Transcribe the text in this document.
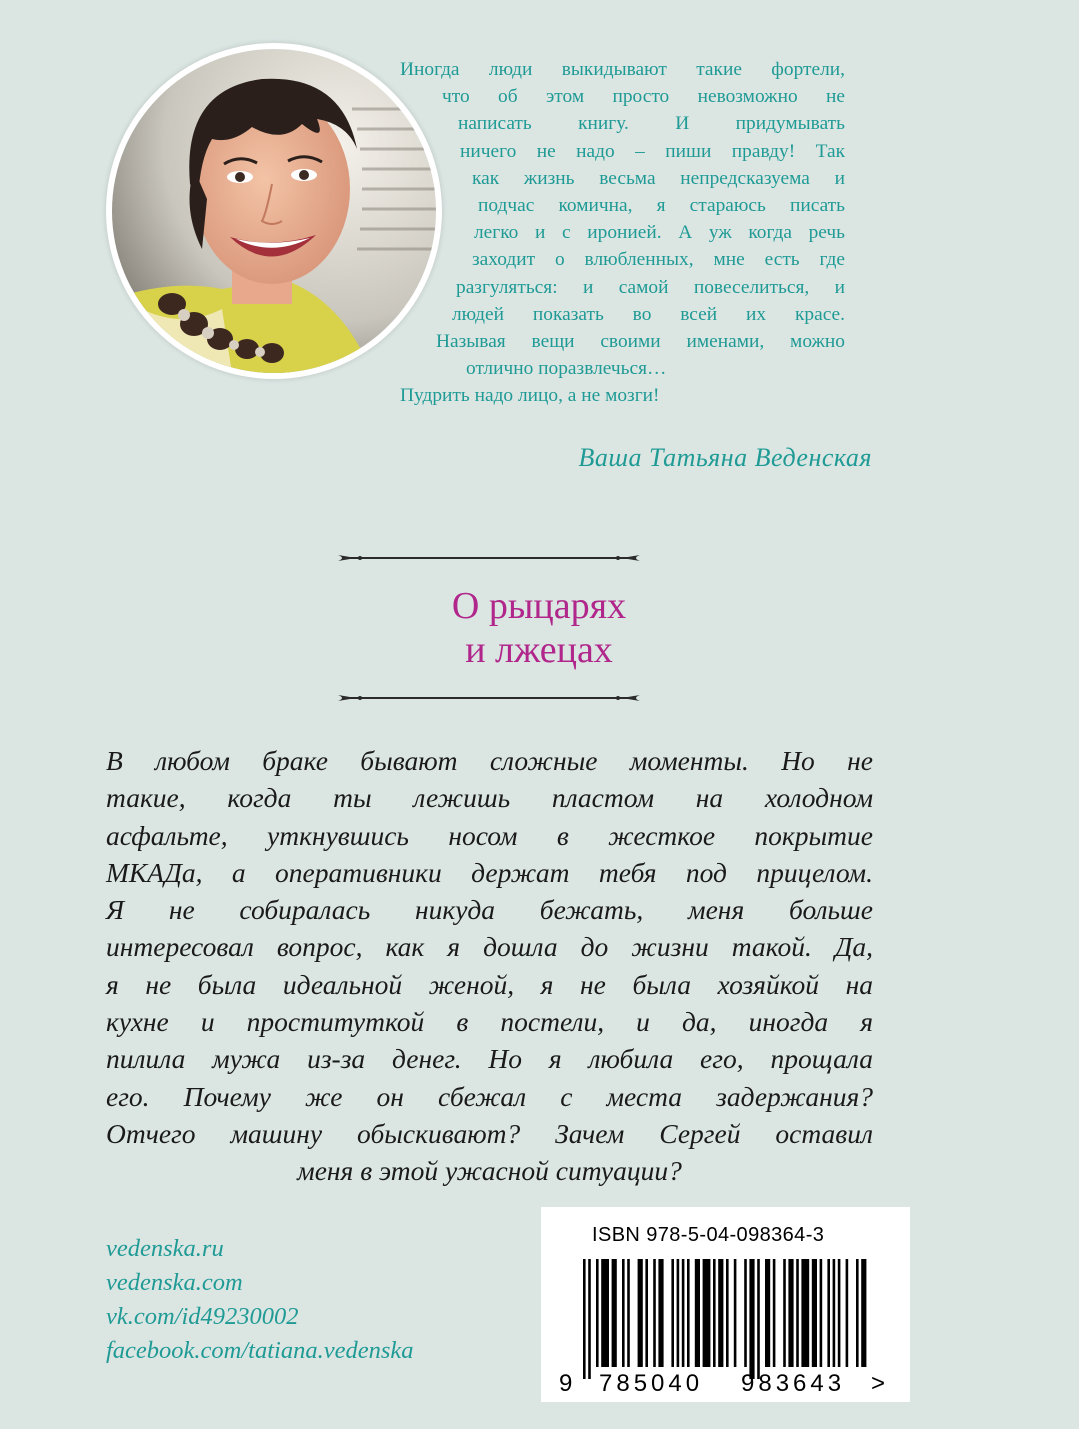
Иногда люди выкидывают такие фортели,
что об этом просто невозможно не
написать книгу. И придумывать
ничего не надо – пиши правду! Так
как жизнь весьма непредсказуема и
подчас комична, я стараюсь писать
легко и с иронией. А уж когда речь
заходит о влюбленных, мне есть где
разгуляться: и самой повеселиться, и
людей показать во всей их красе.
Называя вещи своими именами, можно
отлично поразвлечься…
Пудрить надо лицо, а не мозги!
Ваша Татьяна Веденская
О рыцарях
и лжецах
В любом браке бывают сложные моменты. Но не
такие, когда ты лежишь пластом на холодном
асфальте, уткнувшись носом в жесткое покрытие
МКАДа, а оперативники держат тебя под прицелом.
Я не собиралась никуда бежать, меня больше
интересовал вопрос, как я дошла до жизни такой. Да,
я не была идеальной женой, я не была хозяйкой на
кухне и проституткой в постели, и да, иногда я
пилила мужа из-за денег. Но я любила его, прощала
его. Почему же он сбежал с места задержания?
Отчего машину обыскивают? Зачем Сергей оставил
меня в этой ужасной ситуации?
vedenska.ru
vedenska.com
vk.com/id49230002
facebook.com/tatiana.vedenska
ISBN 978-5-04-098364-3
9 785040 983643 >
